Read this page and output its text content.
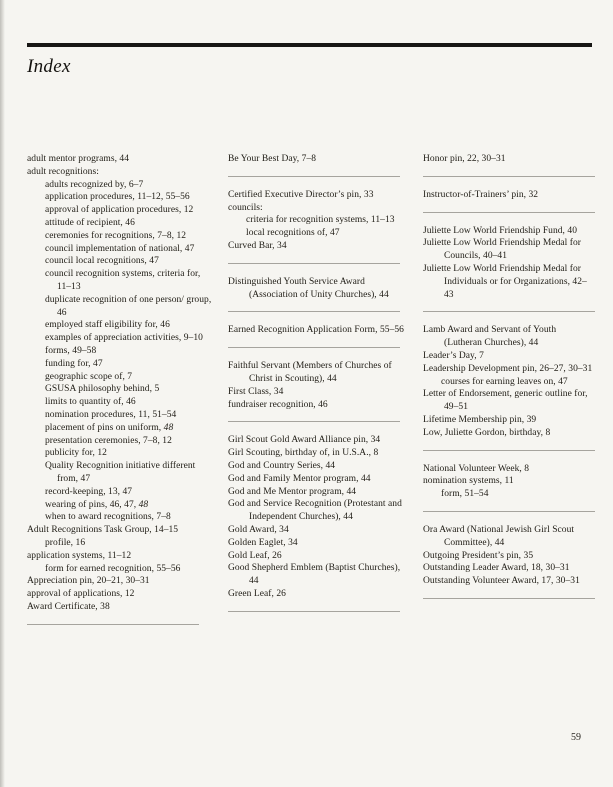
Index
adult mentor programs, 44
adult recognitions:
adults recognized by, 6–7
application procedures, 11–12, 55–56
approval of application procedures, 12
attitude of recipient, 46
ceremonies for recognitions, 7–8, 12
council implementation of national, 47
council local recognitions, 47
council recognition systems, criteria for, 11–13
duplicate recognition of one person/ group, 46
employed staff eligibility for, 46
examples of appreciation activities, 9–10
forms, 49–58
funding for, 47
geographic scope of, 7
GSUSA philosophy behind, 5
limits to quantity of, 46
nomination procedures, 11, 51–54
placement of pins on uniform, 48
presentation ceremonies, 7–8, 12
publicity for, 12
Quality Recognition initiative different from, 47
record-keeping, 13, 47
wearing of pins, 46, 47, 48
when to award recognitions, 7–8
Adult Recognitions Task Group, 14–15
profile, 16
application systems, 11–12
form for earned recognition, 55–56
Appreciation pin, 20–21, 30–31
approval of applications, 12
Award Certificate, 38
Be Your Best Day, 7–8
Certified Executive Director’s pin, 33
councils:
criteria for recognition systems, 11–13
local recognitions of, 47
Curved Bar, 34
Distinguished Youth Service Award (Association of Unity Churches), 44
Earned Recognition Application Form, 55–56
Faithful Servant (Members of Churches of Christ in Scouting), 44
First Class, 34
fundraiser recognition, 46
Girl Scout Gold Award Alliance pin, 34
Girl Scouting, birthday of, in U.S.A., 8
God and Country Series, 44
God and Family Mentor program, 44
God and Me Mentor program, 44
God and Service Recognition (Protestant and Independent Churches), 44
Gold Award, 34
Golden Eaglet, 34
Gold Leaf, 26
Good Shepherd Emblem (Baptist Churches), 44
Green Leaf, 26
Honor pin, 22, 30–31
Instructor-of-Trainers’ pin, 32
Juliette Low World Friendship Fund, 40
Juliette Low World Friendship Medal for Councils, 40–41
Juliette Low World Friendship Medal for Individuals or for Organizations, 42–43
Lamb Award and Servant of Youth (Lutheran Churches), 44
Leader’s Day, 7
Leadership Development pin, 26–27, 30–31
courses for earning leaves on, 47
Letter of Endorsement, generic outline for, 49–51
Lifetime Membership pin, 39
Low, Juliette Gordon, birthday, 8
National Volunteer Week, 8
nomination systems, 11
form, 51–54
Ora Award (National Jewish Girl Scout Committee), 44
Outgoing President’s pin, 35
Outstanding Leader Award, 18, 30–31
Outstanding Volunteer Award, 17, 30–31
59
